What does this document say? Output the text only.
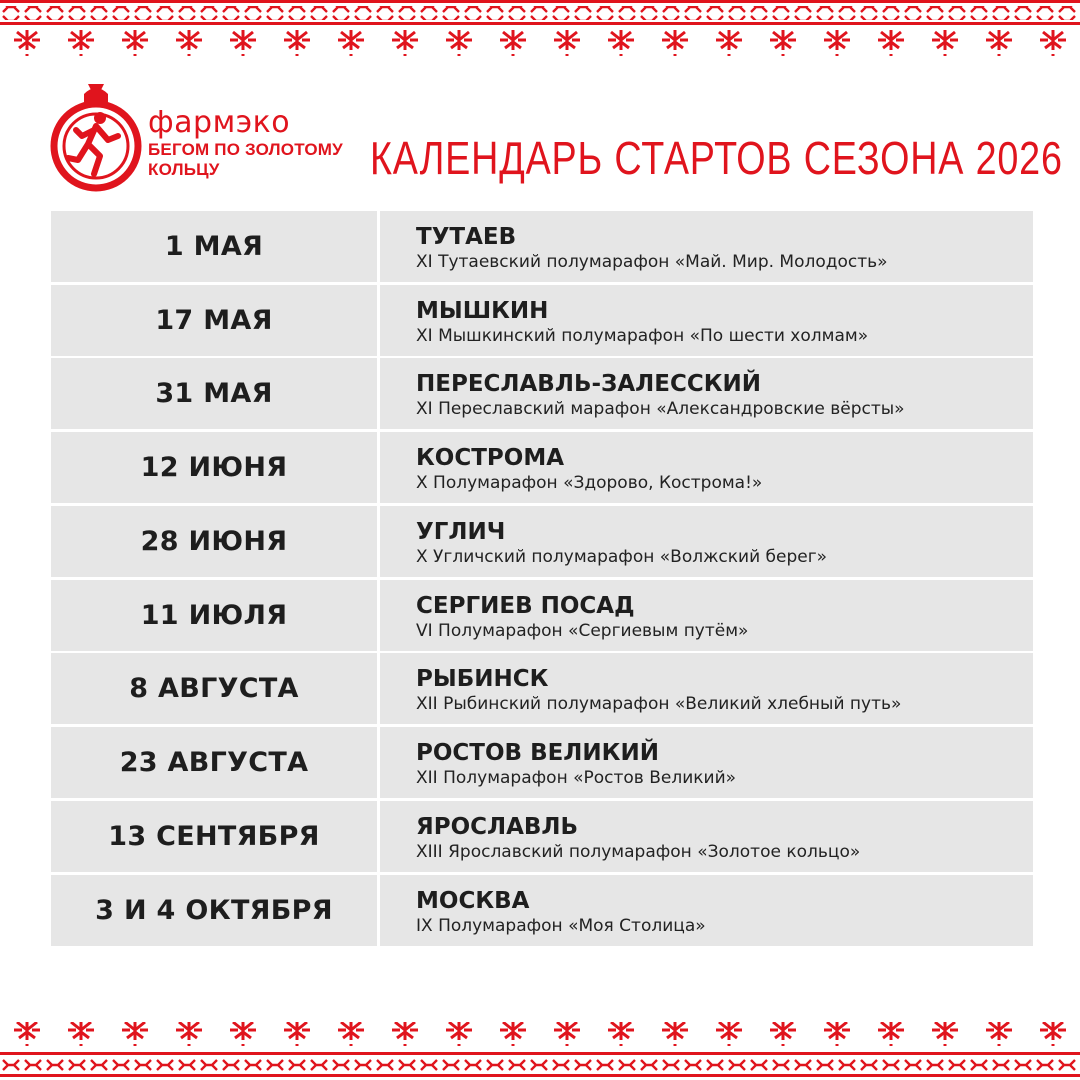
фармэко
БЕГОМ ПО ЗОЛОТОМУ
КОЛЬЦУ	КАЛЕНДАРЬ СТАРТОВ СЕЗОНА 2026
1 МАЯ	ТУТАЕВ
XI Тутаевский полумарафон «Май. Мир. Молодость»
17 МАЯ	МЫШКИН
XI Мышкинский полумарафон «По шести холмам»
31 МАЯ	ПЕРЕСЛАВЛЬ-ЗАЛЕССКИЙ
XI Переславский марафон «Александровские вёрсты»
12 ИЮНЯ	КОСТРОМА
X Полумарафон «Здорово, Кострома!»
28 ИЮНЯ	УГЛИЧ
X Угличский полумарафон «Волжский берег»
11 ИЮЛЯ	СЕРГИЕВ ПОСАД
VI Полумарафон «Сергиевым путём»
8 АВГУСТА	РЫБИНСК
XII Рыбинский полумарафон «Великий хлебный путь»
23 АВГУСТА	РОСТОВ ВЕЛИКИЙ
XII Полумарафон «Ростов Великий»
13 СЕНТЯБРЯ	ЯРОСЛАВЛЬ
XIII Ярославский полумарафон «Золотое кольцо»
3 И 4 ОКТЯБРЯ	МОСКВА
IX Полумарафон «Моя Столица»
